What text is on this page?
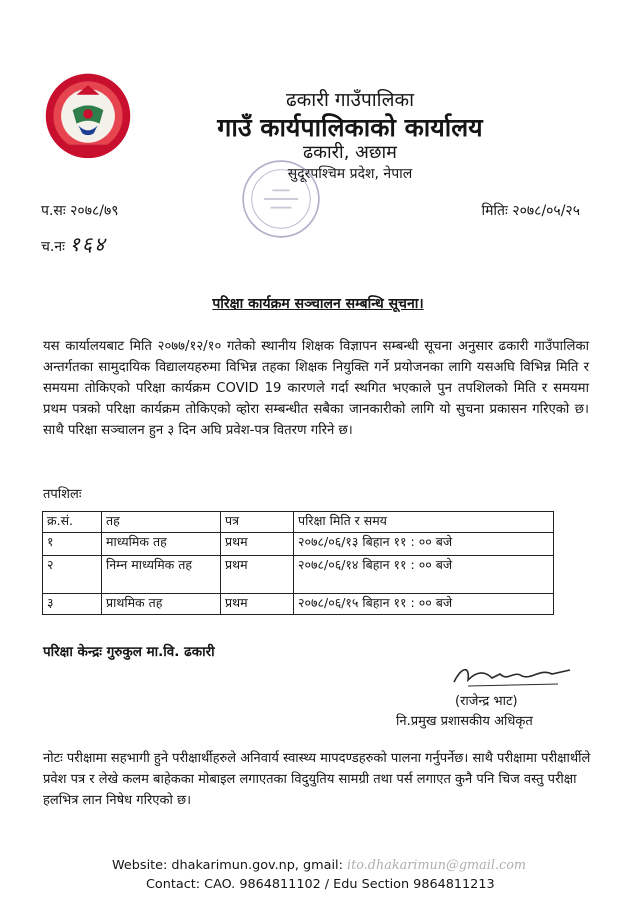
ढकारी गाउँपालिका
गाउँ कार्यपालिकाको कार्यालय
ढकारी, अछाम
सुदूरपश्चिम प्रदेश, नेपाल
प.सः २०७८/७९	मितिः २०७८/०५/२५
च.नः १६४
परिक्षा कार्यक्रम सञ्चालन सम्बन्धि सूचना।
यस कार्यालयबाट मिति २०७७/१२/१० गतेको स्थानीय शिक्षक विज्ञापन सम्बन्धी सूचना अनुसार ढकारी गाउँपालिका अन्तर्गतका सामुदायिक विद्यालयहरुमा विभिन्न तहका शिक्षक नियुक्ति गर्ने प्रयोजनका लागि यसअघि विभिन्न मिति र समयमा तोकिएको परिक्षा कार्यक्रम COVID 19 कारणले गर्दा स्थगित भएकाले पुन तपशिलको मिति र समयमा प्रथम पत्रको परिक्षा कार्यक्रम तोकिएको व्होरा सम्बन्धीत सबैका जानकारीको लागि यो सुचना प्रकासन गरिएको छ। साथै परिक्षा सञ्चालन हुन ३ दिन अघि प्रवेश-पत्र वितरण गरिने छ।
तपशिलः
क्र.सं.	तह	पत्र	परिक्षा मिति र समय
१	माध्यमिक तह	प्रथम	२०७८/०६/१३ बिहान ११ : ०० बजे
२	निम्न माध्यमिक तह	प्रथम	२०७८/०६/१४ बिहान ११ : ०० बजे
३	प्राथमिक तह	प्रथम	२०७८/०६/१५ बिहान ११ : ०० बजे
परिक्षा केन्द्रः गुरुकुल मा.वि. ढकारी
(राजेन्द्र भाट)
नि.प्रमुख प्रशासकीय अधिकृत
नोटः परीक्षामा सहभागी हुने परीक्षार्थीहरुले अनिवार्य स्वास्थ्य मापदण्डहरुको पालना गर्नुपर्नेछ। साथै परीक्षामा परीक्षार्थीले प्रवेश पत्र र लेखे कलम बाहेकका मोबाइल लगाएतका विदुयुतिय सामग्री तथा पर्स लगाएत कुनै पनि चिज वस्तु परीक्षा हलभित्र लान निषेध गरिएको छ।
Website: dhakarimun.gov.np, gmail: ito.dhakarimun@gmail.com
Contact: CAO. 9864811102 / Edu Section 9864811213
